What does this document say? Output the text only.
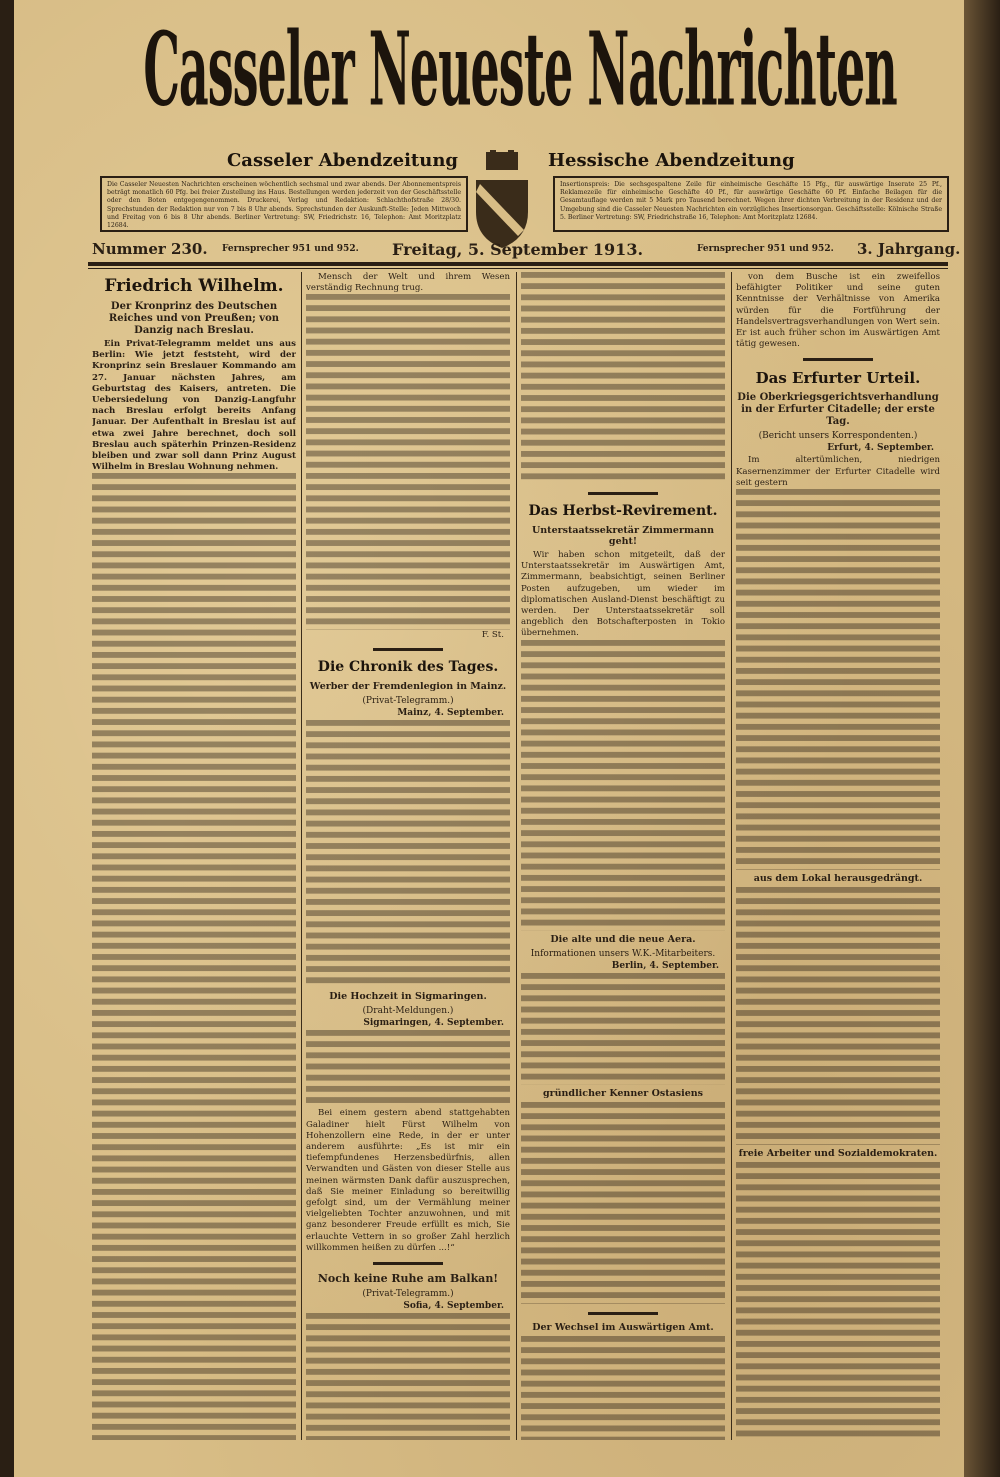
Casseler Neueste Nachrichten
Casseler Abendzeitung	Hessische Abendzeitung
Die Casseler Neuesten Nachrichten erscheinen wöchentlich sechsmal und zwar abends. Der Abonnementspreis beträgt monatlich 60 Pfg. bei freier Zustellung ins Haus. Bestellungen werden jederzeit von der Geschäftsstelle oder den Boten entgegengenommen. Druckerei, Verlag und Redaktion: Schlachthofstraße 28/30. Sprechstunden der Redaktion nur von 7 bis 8 Uhr abends. Sprechstunden der Auskunft-Stelle: Jeden Mittwoch und Freitag von 6 bis 8 Uhr abends. Berliner Vertretung: SW, Friedrichstr. 16, Telephon: Amt Moritzplatz 12684.
Insertionspreis: Die sechsgespaltene Zeile für einheimische Geschäfte 15 Pfg., für auswärtige Inserate 25 Pf., Reklamezeile für einheimische Geschäfte 40 Pf., für auswärtige Geschäfte 60 Pf. Einfache Beilagen für die Gesamtauflage werden mit 5 Mark pro Tausend berechnet. Wegen ihrer dichten Verbreitung in der Residenz und der Umgebung sind die Casseler Neuesten Nachrichten ein vorzügliches Insertionsorgan. Geschäftsstelle: Kölnische Straße 5. Berliner Vertretung: SW, Friedrichstraße 16, Telephon: Amt Moritzplatz 12684.
Nummer 230. Fernsprecher 951 und 952. Freitag, 5. September 1913.	Fernsprecher 951 und 952. 3. Jahrgang.
Friedrich Wilhelm.
Der Kronprinz des Deutschen Reiches und von Preußen; von Danzig nach Breslau.

Ein Privat-Telegramm meldet uns aus Berlin: Wie jetzt feststeht, wird der Kronprinz sein Breslauer Kommando am 27. Januar nächsten Jahres, am Geburtstag des Kaisers, antreten. Die Uebersiedelung von Danzig-Langfuhr nach Breslau erfolgt bereits Anfang Januar. Der Aufenthalt in Breslau ist auf etwa zwei Jahre berechnet, doch soll Breslau auch späterhin Prinzen-Residenz bleiben und zwar soll dann Prinz August Wilhelm in Breslau Wohnung nehmen.

Mensch der Welt und ihrem Wesen verständig Rechnung trug.

F. St.
Die Chronik des Tages.
Werber der Fremdenlegion in Mainz.
(Privat-Telegramm.)
Mainz, 4. September.
Die Hochzeit in Sigmaringen.
(Draht-Meldungen.)
Sigmaringen, 4. September.

Bei einem gestern abend stattgehabten Galadiner hielt Fürst Wilhelm von Hohenzollern eine Rede, in der er unter anderem ausführte: „Es ist mir ein tiefempfundenes Herzensbedürfnis, allen Verwandten und Gästen von dieser Stelle aus meinen wärmsten Dank dafür auszusprechen, daß Sie meiner Einladung so bereitwillig gefolgt sind, um der Vermählung meiner vielgeliebten Tochter anzuwohnen, und mit ganz besonderer Freude erfüllt es mich, Sie erlauchte Vettern in so großer Zahl herzlich willkommen heißen zu dürfen ...!“

Noch keine Ruhe am Balkan!
(Privat-Telegramm.)
Sofia, 4. September.
Das Herbst-Revirement.
Unterstaatssekretär Zimmermann geht!

Wir haben schon mitgeteilt, daß der Unterstaatssekretär im Auswärtigen Amt, Zimmermann, beabsichtigt, seinen Berliner Posten aufzugeben, um wieder im diplomatischen Ausland-Dienst beschäftigt zu werden. Der Unterstaatssekretär soll angeblich den Botschafterposten in Tokio übernehmen.

Die alte und die neue Aera.
Informationen unsers W.K.-Mitarbeiters.
Berlin, 4. September.
gründlicher Kenner Ostasiens
Der Wechsel im Auswärtigen Amt.

von dem Busche ist ein zweifellos befähigter Politiker und seine guten Kenntnisse der Verhältnisse von Amerika würden für die Fortführung der Handelsvertragsverhandlungen von Wert sein. Er ist auch früher schon im Auswärtigen Amt tätig gewesen.

Das Erfurter Urteil.
Die Oberkriegsgerichtsverhandlung in der Erfurter Citadelle; der erste Tag.
(Bericht unsers Korrespondenten.)
Erfurt, 4. September.

Im altertümlichen, niedrigen Kasernenzimmer der Erfurter Citadelle wird seit gestern

aus dem Lokal herausgedrängt.
freie Arbeiter und Sozialdemokraten.
